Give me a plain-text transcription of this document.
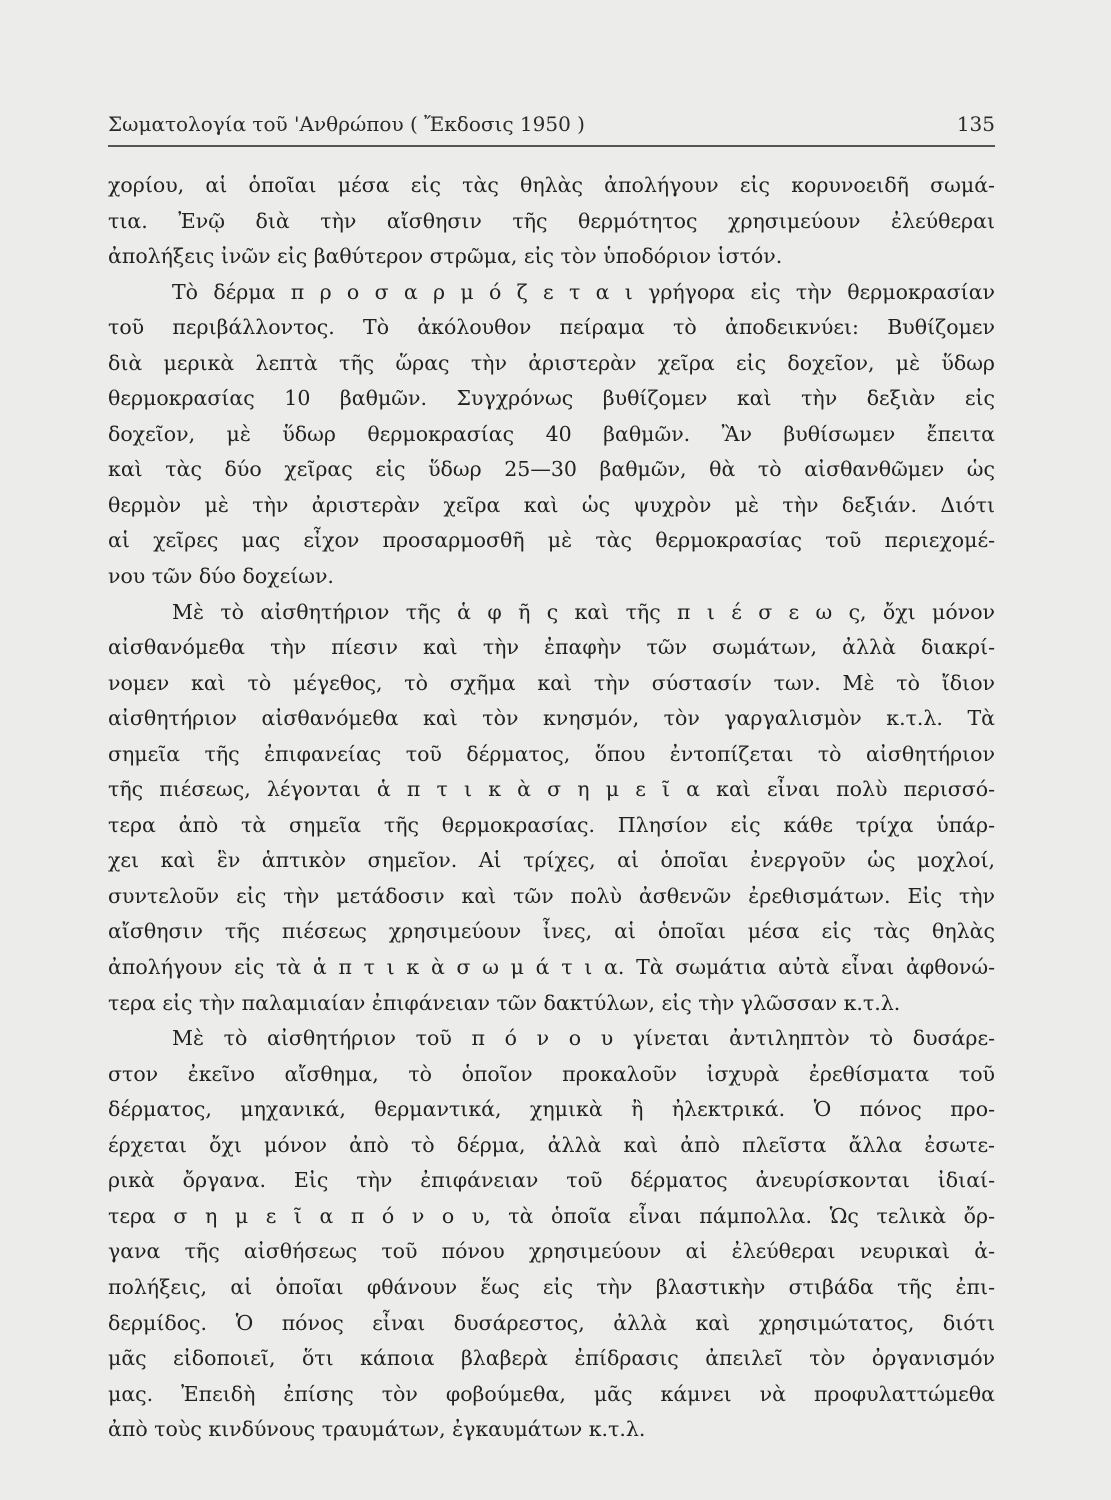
Σωματολογία τοῦ 'Ανθρώπου ( Ἔκδοσις 1950 )	135
χορίου, αἱ ὁποῖαι μέσα εἰς τὰς θηλὰς ἀπολήγουν εἰς κορυνοειδῆ σωμά-
τια. Ἐνῷ διὰ τὴν αἴσθησιν τῆς θερμότητος χρησιμεύουν ἐλεύθεραι
ἀπολήξεις ἰνῶν εἰς βαθύτερον στρῶμα, εἰς τὸν ὑποδόριον ἱστόν.
Τὸ δέρμα π ρ ο σ α ρ μ ό ζ ε τ α ι γρήγορα εἰς τὴν θερμοκρασίαν
τοῦ περιβάλλοντος. Τὸ ἀκόλουθον πείραμα τὸ ἀποδεικνύει: Βυθίζομεν
διὰ μερικὰ λεπτὰ τῆς ὥρας τὴν ἀριστερὰν χεῖρα εἰς δοχεῖον, μὲ ὕδωρ
θερμοκρασίας 10 βαθμῶν. Συγχρόνως βυθίζομεν καὶ τὴν δεξιὰν εἰς
δοχεῖον, μὲ ὕδωρ θερμοκρασίας 40 βαθμῶν. Ἂν βυθίσωμεν ἔπειτα
καὶ τὰς δύο χεῖρας εἰς ὕδωρ 25—30 βαθμῶν, θὰ τὸ αἰσθανθῶμεν ὡς
θερμὸν μὲ τὴν ἀριστερὰν χεῖρα καὶ ὡς ψυχρὸν μὲ τὴν δεξιάν. Διότι
αἱ χεῖρες μας εἶχον προσαρμοσθῆ μὲ τὰς θερμοκρασίας τοῦ περιεχομέ-
νου τῶν δύο δοχείων.
Μὲ τὸ αἰσθητήριον τῆς ἁ φ ῆ ς καὶ τῆς π ι έ σ ε ω ς, ὄχι μόνον
αἰσθανόμεθα τὴν πίεσιν καὶ τὴν ἐπαφὴν τῶν σωμάτων, ἀλλὰ διακρί-
νομεν καὶ τὸ μέγεθος, τὸ σχῆμα καὶ τὴν σύστασίν των. Μὲ τὸ ἴδιον
αἰσθητήριον αἰσθανόμεθα καὶ τὸν κνησμόν, τὸν γαργαλισμὸν κ.τ.λ. Τὰ
σημεῖα τῆς ἐπιφανείας τοῦ δέρματος, ὅπου ἐντοπίζεται τὸ αἰσθητήριον
τῆς πιέσεως, λέγονται ἁ π τ ι κ ὰ σ η μ ε ῖ α καὶ εἶναι πολὺ περισσό-
τερα ἀπὸ τὰ σημεῖα τῆς θερμοκρασίας. Πλησίον εἰς κάθε τρίχα ὑπάρ-
χει καὶ ἓν ἁπτικὸν σημεῖον. Αἱ τρίχες, αἱ ὁποῖαι ἐνεργοῦν ὡς μοχλοί,
συντελοῦν εἰς τὴν μετάδοσιν καὶ τῶν πολὺ ἀσθενῶν ἐρεθισμάτων. Εἰς τὴν
αἴσθησιν τῆς πιέσεως χρησιμεύουν ἶνες, αἱ ὁποῖαι μέσα εἰς τὰς θηλὰς
ἀπολήγουν εἰς τὰ ἁ π τ ι κ ὰ σ ω μ ά τ ι α. Τὰ σωμάτια αὐτὰ εἶναι ἀφθονώ-
τερα εἰς τὴν παλαμιαίαν ἐπιφάνειαν τῶν δακτύλων, εἰς τὴν γλῶσσαν κ.τ.λ.
Μὲ τὸ αἰσθητήριον τοῦ π ό ν ο υ γίνεται ἀντιληπτὸν τὸ δυσάρε-
στον ἐκεῖνο αἴσθημα, τὸ ὁποῖον προκαλοῦν ἰσχυρὰ ἐρεθίσματα τοῦ
δέρματος, μηχανικά, θερμαντικά, χημικὰ ἢ ἠλεκτρικά. Ὁ πόνος προ-
έρχεται ὄχι μόνον ἀπὸ τὸ δέρμα, ἀλλὰ καὶ ἀπὸ πλεῖστα ἄλλα ἐσωτε-
ρικὰ ὄργανα. Εἰς τὴν ἐπιφάνειαν τοῦ δέρματος ἀνευρίσκονται ἰδιαί-
τερα σ η μ ε ῖ α π ό ν ο υ, τὰ ὁποῖα εἶναι πάμπολλα. Ὡς τελικὰ ὄρ-
γανα τῆς αἰσθήσεως τοῦ πόνου χρησιμεύουν αἱ ἐλεύθεραι νευρικαὶ ἀ-
πολήξεις, αἱ ὁποῖαι φθάνουν ἕως εἰς τὴν βλαστικὴν στιβάδα τῆς ἐπι-
δερμίδος. Ὁ πόνος εἶναι δυσάρεστος, ἀλλὰ καὶ χρησιμώτατος, διότι
μᾶς εἰδοποιεῖ, ὅτι κάποια βλαβερὰ ἐπίδρασις ἀπειλεῖ τὸν ὀργανισμόν
μας. Ἐπειδὴ ἐπίσης τὸν φοβούμεθα, μᾶς κάμνει νὰ προφυλαττώμεθα
ἀπὸ τοὺς κινδύνους τραυμάτων, ἐγκαυμάτων κ.τ.λ.
